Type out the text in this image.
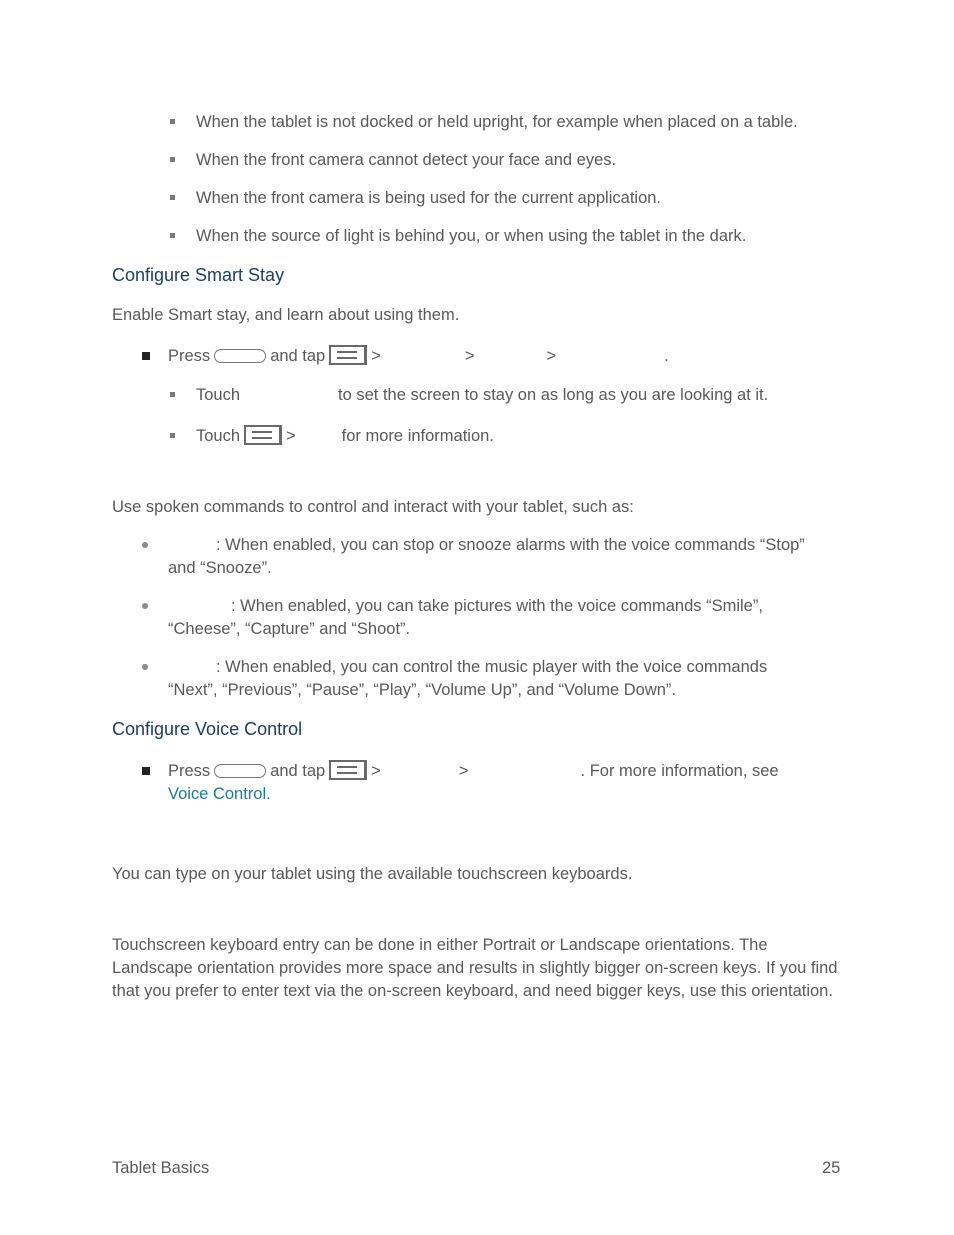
When the tablet is not docked or held upright, for example when placed on a table.
When the front camera cannot detect your face and eyes.
When the front camera is being used for the current application.
When the source of light is behind you, or when using the tablet in the dark.
Configure Smart Stay
Enable Smart stay, and learn about using them.
Press	and tap	>	>	>	.
Touch	to set the screen to stay on as long as you are looking at it.
Touch	>	for more information.
Use spoken commands to control and interact with your tablet, such as:
: When enabled, you can stop or snooze alarms with the voice commands “Stop”
and “Snooze”.
: When enabled, you can take pictures with the voice commands “Smile”,
“Cheese”, “Capture” and “Shoot”.
: When enabled, you can control the music player with the voice commands
“Next”, “Previous”, “Pause”, “Play”, “Volume Up”, and “Volume Down”.
Configure Voice Control
Press	and tap	>	>	. For more information, see
Voice Control.
You can type on your tablet using the available touchscreen keyboards.
Touchscreen keyboard entry can be done in either Portrait or Landscape orientations. The Landscape orientation provides more space and results in slightly bigger on-screen keys. If you find that you prefer to enter text via the on-screen keyboard, and need bigger keys, use this orientation.
Tablet Basics	25
